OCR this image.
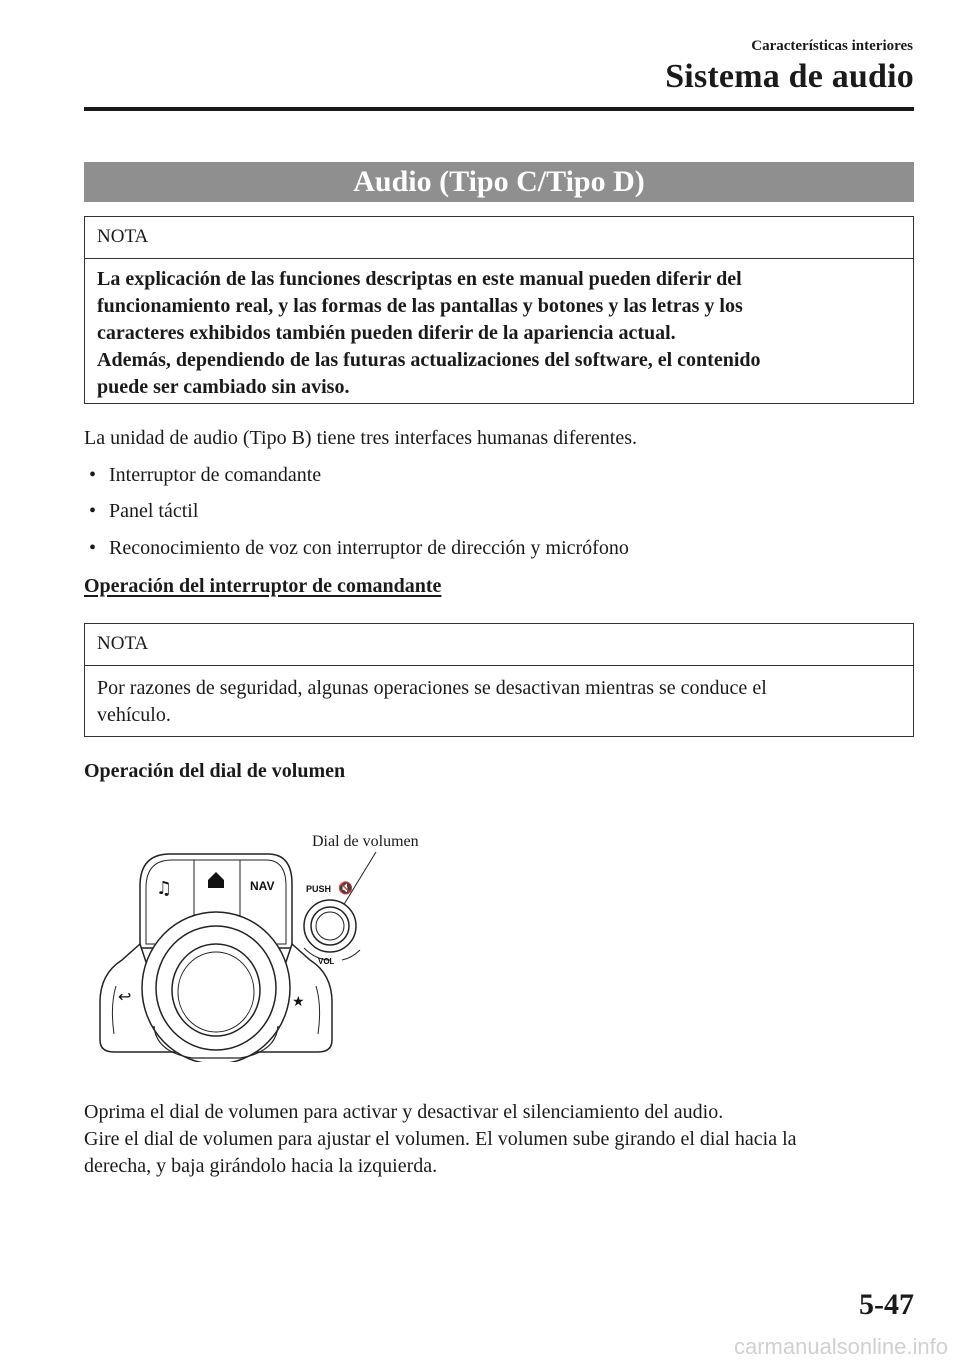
Características interiores
Sistema de audio
Audio (Tipo C/Tipo D)
NOTA
La explicación de las funciones descriptas en este manual pueden diferir del
funcionamiento real, y las formas de las pantallas y botones y las letras y los
caracteres exhibidos también pueden diferir de la apariencia actual.
Además, dependiendo de las futuras actualizaciones del software, el contenido
puede ser cambiado sin aviso.
La unidad de audio (Tipo B) tiene tres interfaces humanas diferentes.
• Interruptor de comandante
• Panel táctil
• Reconocimiento de voz con interruptor de dirección y micrófono
Operación del interruptor de comandante
NOTA
Por razones de seguridad, algunas operaciones se desactivan mientras se conduce el
vehículo.
Operación del dial de volumen
Dial de volumen
♫	NAV
↩	★
PUSH 🔇
VOL
Oprima el dial de volumen para activar y desactivar el silenciamiento del audio.
Gire el dial de volumen para ajustar el volumen. El volumen sube girando el dial hacia la
derecha, y baja girándolo hacia la izquierda.
5-47
carmanualsonline.info
